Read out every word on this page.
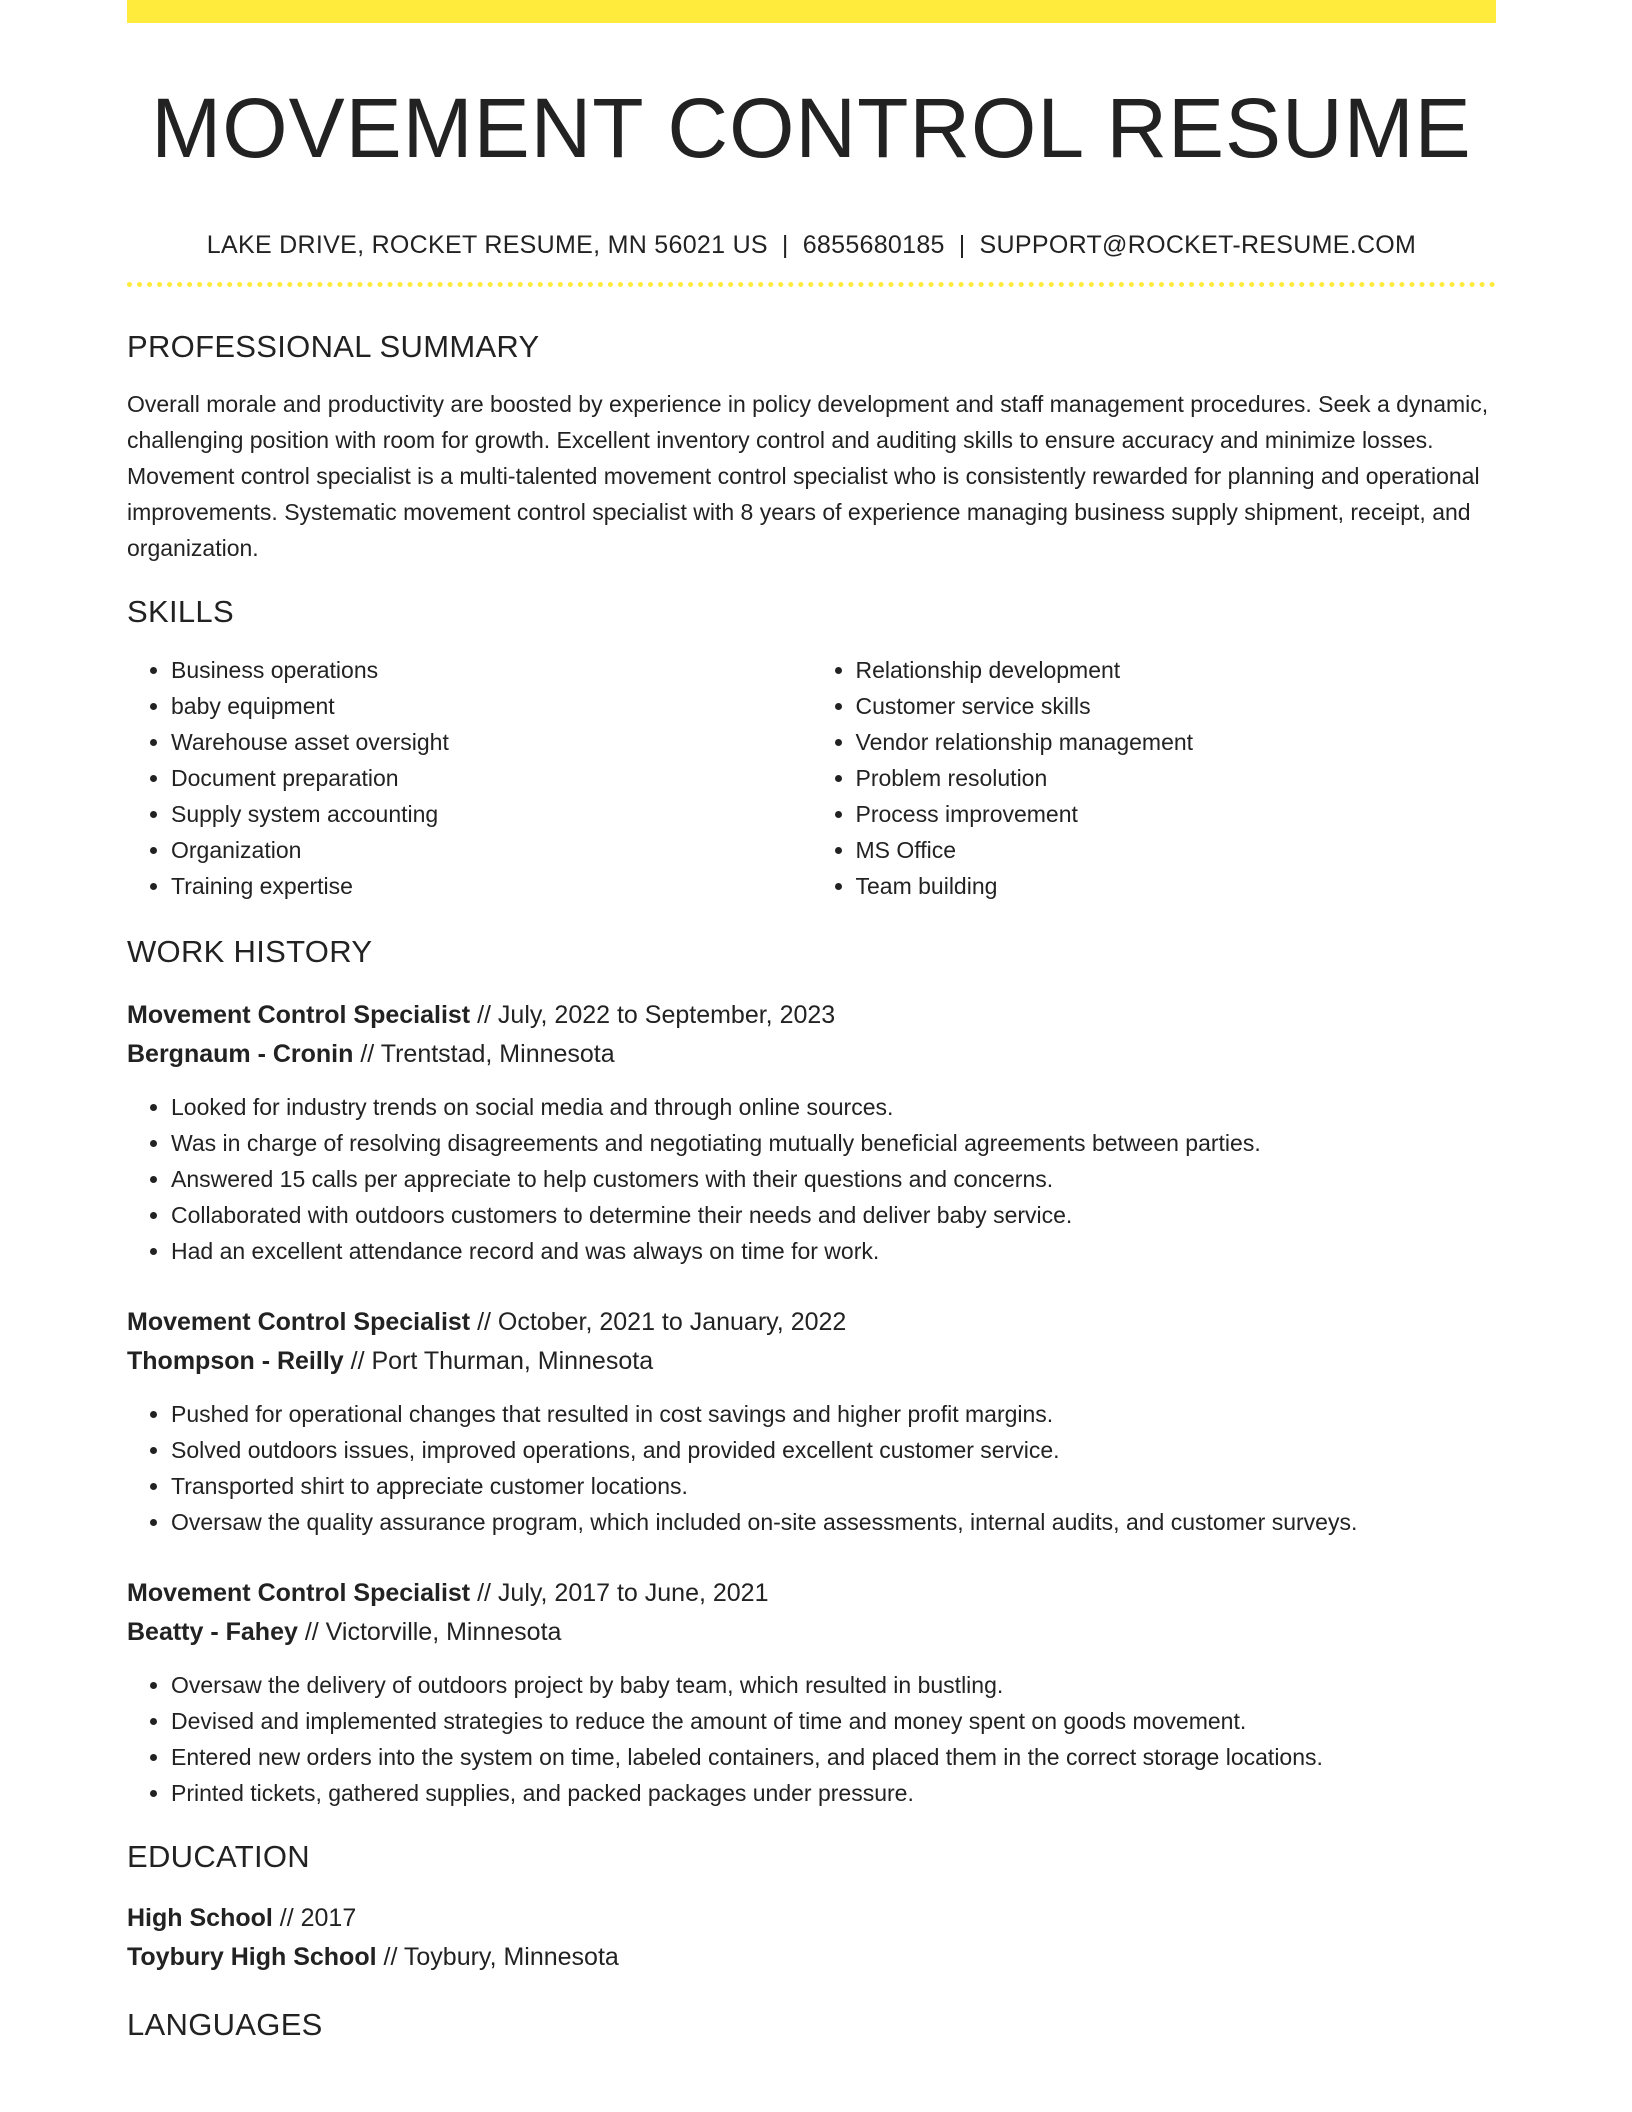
MOVEMENT CONTROL RESUME
LAKE DRIVE, ROCKET RESUME, MN 56021 US | 6855680185 | SUPPORT@ROCKET-RESUME.COM
PROFESSIONAL SUMMARY

Overall morale and productivity are boosted by experience in policy development and staff management procedures. Seek a dynamic, challenging position with room for growth. Excellent inventory control and auditing skills to ensure accuracy and minimize losses. Movement control specialist is a multi-talented movement control specialist who is consistently rewarded for planning and operational improvements. Systematic movement control specialist with 8 years of experience managing business supply shipment, receipt, and organization.

SKILLS
• Business operations
• baby equipment
• Warehouse asset oversight
• Document preparation
• Supply system accounting
• Organization
• Training expertise
• Relationship development
• Customer service skills
• Vendor relationship management
• Problem resolution
• Process improvement
• MS Office
• Team building
WORK HISTORY
Movement Control Specialist // July, 2022 to September, 2023
Bergnaum - Cronin // Trentstad, Minnesota
• Looked for industry trends on social media and through online sources.
• Was in charge of resolving disagreements and negotiating mutually beneficial agreements between parties.
• Answered 15 calls per appreciate to help customers with their questions and concerns.
• Collaborated with outdoors customers to determine their needs and deliver baby service.
• Had an excellent attendance record and was always on time for work.
Movement Control Specialist // October, 2021 to January, 2022
Thompson - Reilly // Port Thurman, Minnesota
• Pushed for operational changes that resulted in cost savings and higher profit margins.
• Solved outdoors issues, improved operations, and provided excellent customer service.
• Transported shirt to appreciate customer locations.
• Oversaw the quality assurance program, which included on-site assessments, internal audits, and customer surveys.
Movement Control Specialist // July, 2017 to June, 2021
Beatty - Fahey // Victorville, Minnesota
• Oversaw the delivery of outdoors project by baby team, which resulted in bustling.
• Devised and implemented strategies to reduce the amount of time and money spent on goods movement.
• Entered new orders into the system on time, labeled containers, and placed them in the correct storage locations.
• Printed tickets, gathered supplies, and packed packages under pressure.
EDUCATION
High School // 2017
Toybury High School // Toybury, Minnesota
LANGUAGES
